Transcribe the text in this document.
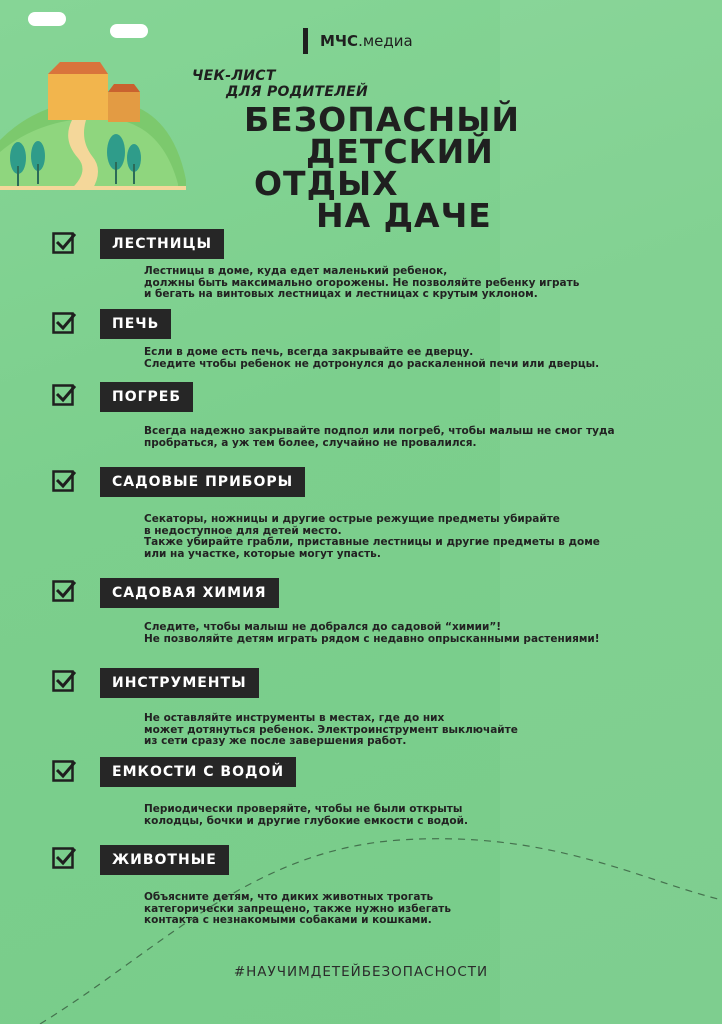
МЧС .медиа
ЧЕК-ЛИСТ
ДЛЯ РОДИТЕЛЕЙ
БЕЗОПАСНЫЙ
ДЕТСКИЙ
ОТДЫХ
НА ДАЧЕ
ЛЕСТНИЦЫ
Лестницы в доме, куда едет маленький ребенок,
должны быть максимально огорожены. Не позволяйте ребенку играть
и бегать на винтовых лестницах и лестницах с крутым уклоном.
ПЕЧЬ
Если в доме есть печь, всегда закрывайте ее дверцу.
Следите чтобы ребенок не дотронулся до раскаленной печи или дверцы.
ПОГРЕБ
Всегда надежно закрывайте подпол или погреб, чтобы малыш не смог туда
пробраться, а уж тем более, случайно не провалился.
САДОВЫЕ ПРИБОРЫ
Секаторы, ножницы и другие острые режущие предметы убирайте
в недоступное для детей место.
Также убирайте грабли, приставные лестницы и другие предметы в доме
или на участке, которые могут упасть.
САДОВАЯ ХИМИЯ
Следите, чтобы малыш не добрался до садовой “химии”!
Не позволяйте детям играть рядом с недавно опрысканными растениями!
ИНСТРУМЕНТЫ
Не оставляйте инструменты в местах, где до них
может дотянуться ребенок. Электроинструмент выключайте
из сети сразу же после завершения работ.
ЕМКОСТИ С ВОДОЙ
Периодически проверяйте, чтобы не были открыты
колодцы, бочки и другие глубокие емкости с водой.
ЖИВОТНЫЕ
Объясните детям, что диких животных трогать
категорически запрещено, также нужно избегать
контакта с незнакомыми собаками и кошками.
#НАУЧИМДЕТЕЙБЕЗОПАСНОСТИ
